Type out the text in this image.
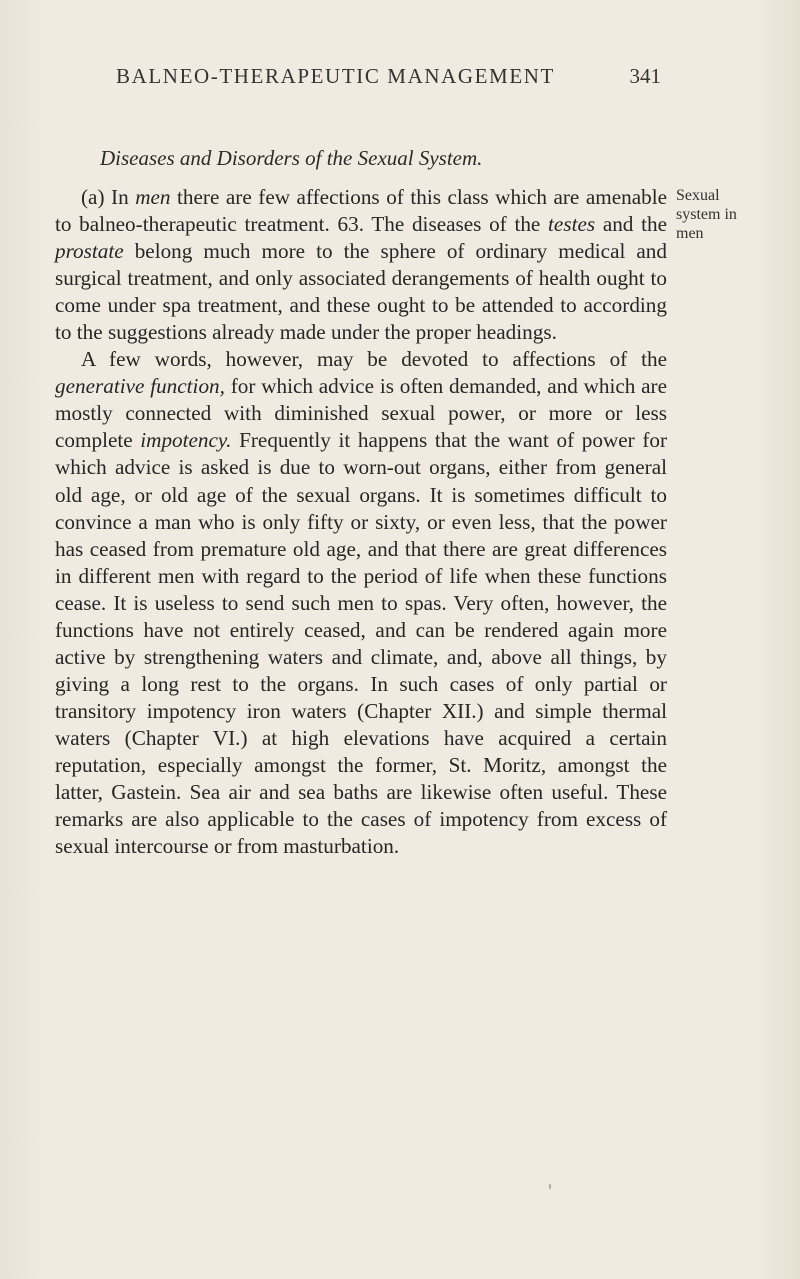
BALNEO-THERAPEUTIC MANAGEMENT	341
Diseases and Disorders of the Sexual System.

(a) In men there are few affections of this class which are amenable to balneo-therapeutic treatment. 63. The diseases of the testes and the prostate belong much more to the sphere of ordinary medical and surgical treatment, and only associated derangements of health ought to come under spa treatment, and these ought to be attended to according to the suggestions already made under the proper headings.

A few words, however, may be devoted to affections of the generative function, for which advice is often demanded, and which are mostly connected with diminished sexual power, or more or less complete impotency. Frequently it happens that the want of power for which advice is asked is due to worn-out organs, either from general old age, or old age of the sexual organs. It is sometimes difficult to convince a man who is only fifty or sixty, or even less, that the power has ceased from premature old age, and that there are great differences in different men with regard to the period of life when these functions cease. It is useless to send such men to spas. Very often, however, the functions have not entirely ceased, and can be rendered again more active by strengthening waters and climate, and, above all things, by giving a long rest to the organs. In such cases of only partial or transitory impotency iron waters (Chapter XII.) and simple thermal waters (Chapter VI.) at high elevations have acquired a certain reputation, especially amongst the former, St. Moritz, amongst the latter, Gastein. Sea air and sea baths are likewise often useful. These remarks are also applicable to the cases of impotency from excess of sexual intercourse or from masturbation.

Sexual
system in
men
